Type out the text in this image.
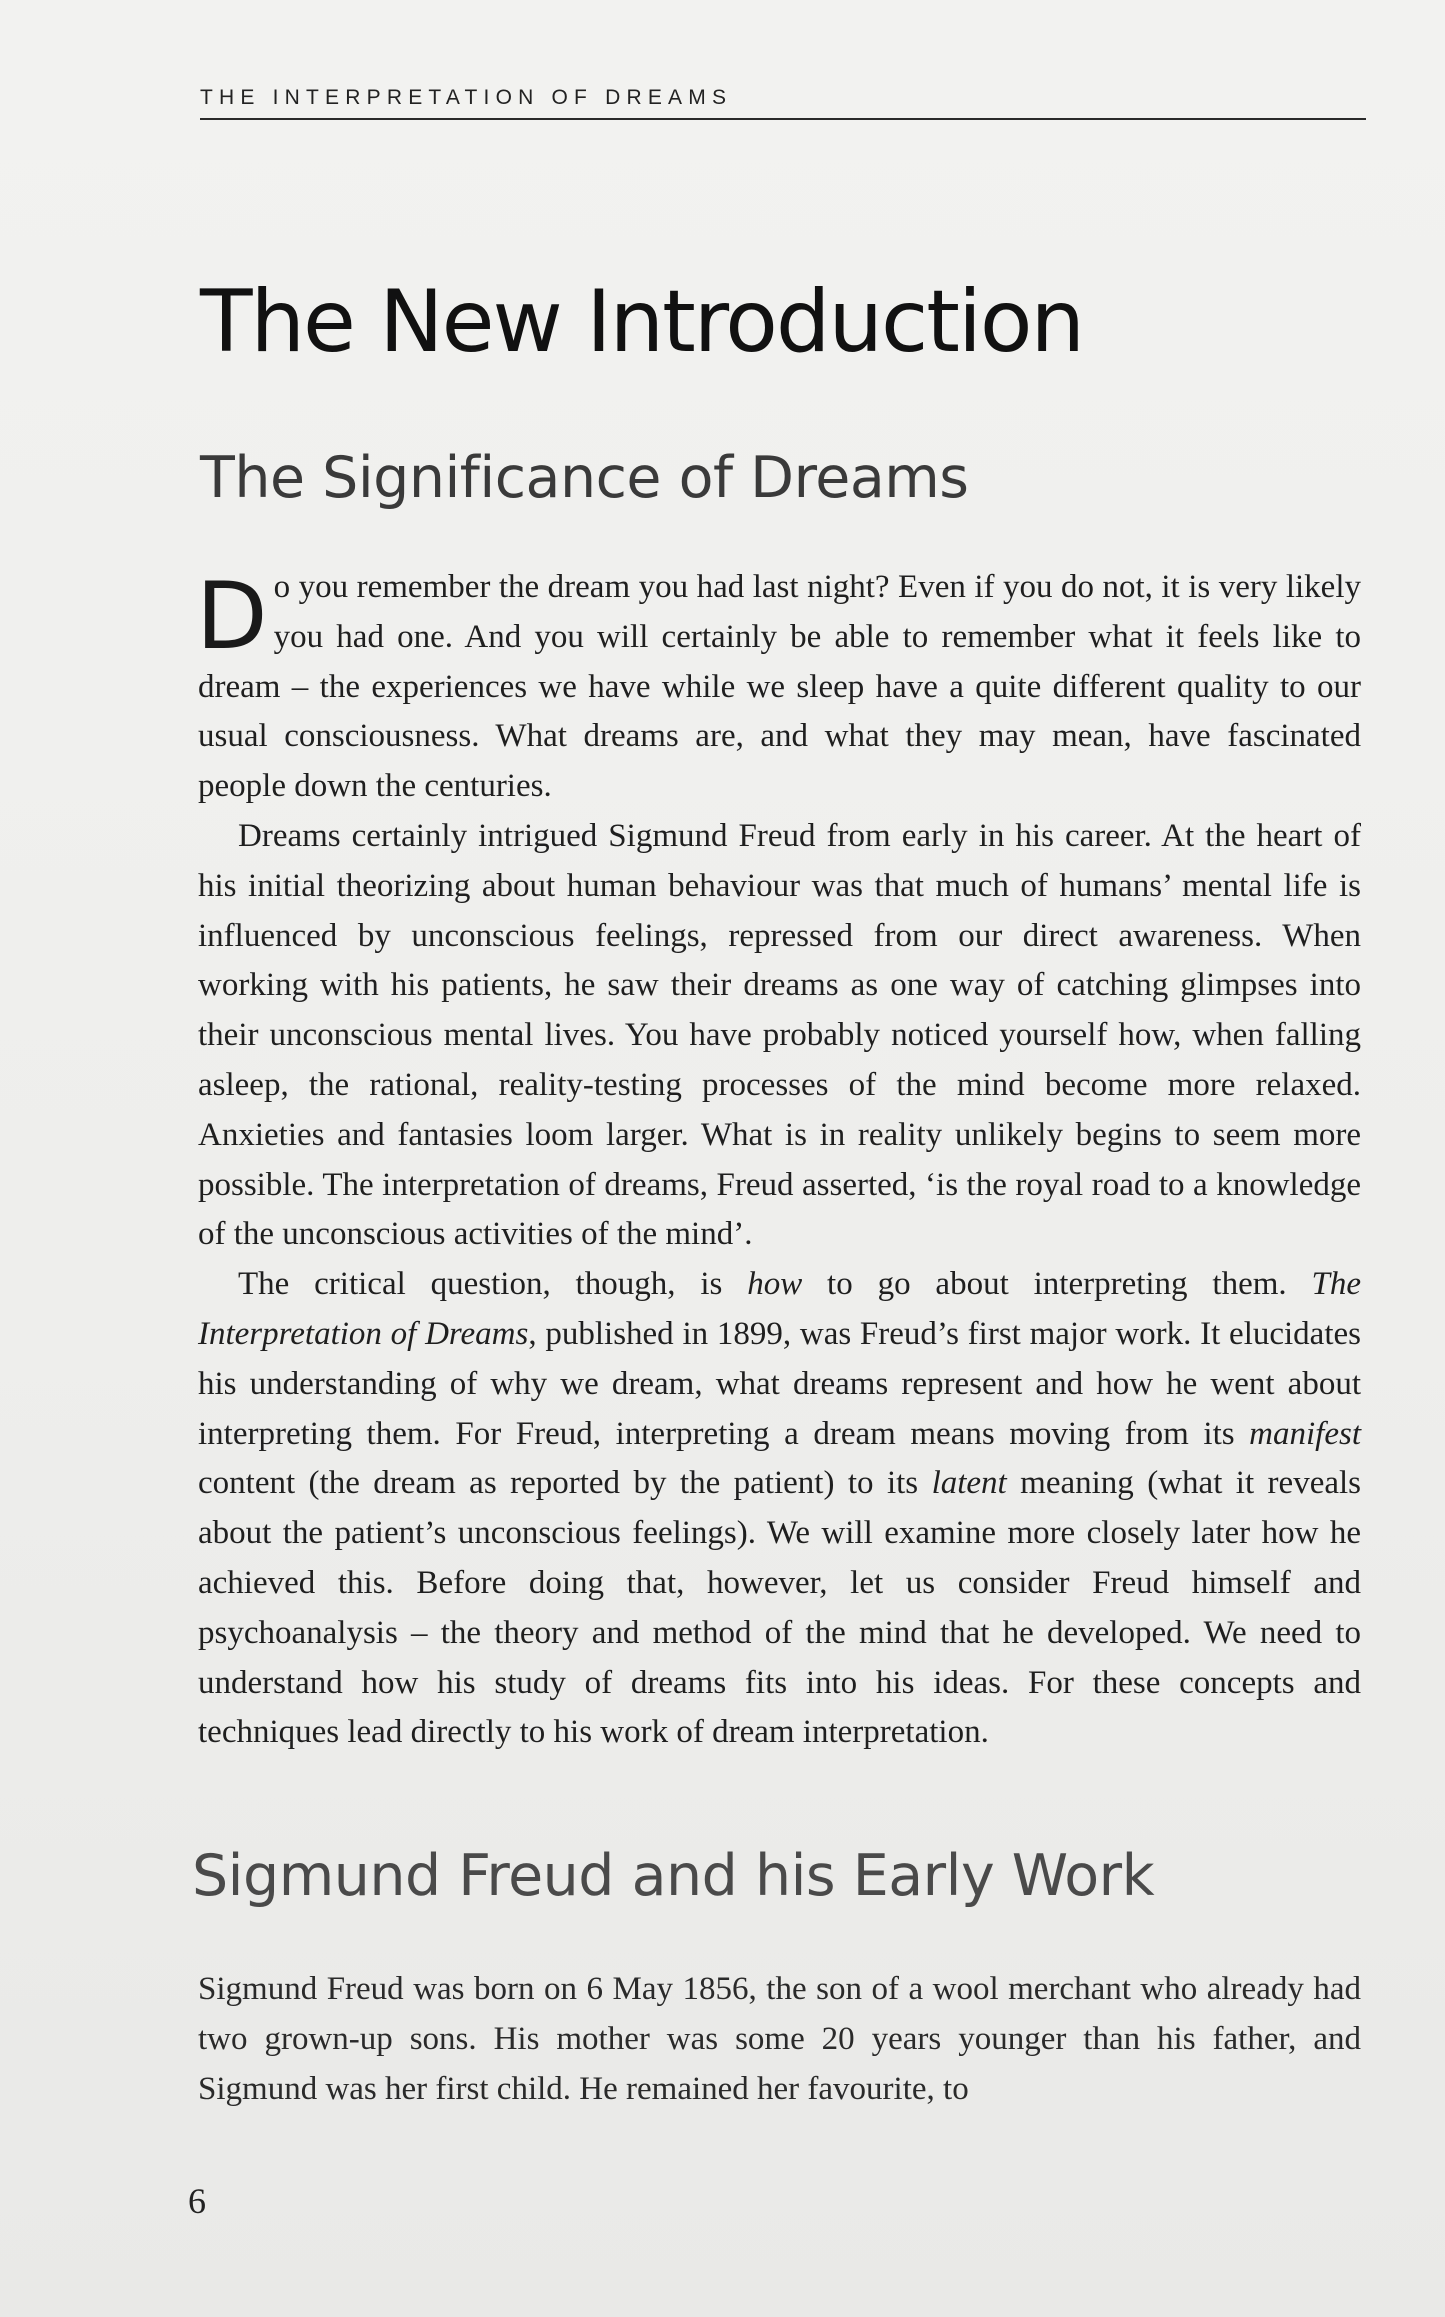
THE INTERPRETATION OF DREAMS
The New Introduction
The Significance of Dreams

Do you remember the dream you had last night? Even if you do not, it is very likely you had one. And you will certainly be able to remember what it feels like to dream – the experiences we have while we sleep have a quite different quality to our usual consciousness. What dreams are, and what they may mean, have fascinated people down the centuries.

Dreams certainly intrigued Sigmund Freud from early in his career. At the heart of his initial theorizing about human behaviour was that much of humans’ mental life is influenced by unconscious feelings, repressed from our direct awareness. When working with his patients, he saw their dreams as one way of catching glimpses into their unconscious mental lives. You have probably noticed yourself how, when falling asleep, the rational, reality-testing processes of the mind become more relaxed. Anxieties and fantasies loom larger. What is in reality unlikely begins to seem more possible. The interpretation of dreams, Freud asserted, ‘is the royal road to a knowledge of the unconscious activities of the mind’.

The critical question, though, is how to go about interpreting them. The Interpretation of Dreams, published in 1899, was Freud’s first major work. It elucidates his understanding of why we dream, what dreams represent and how he went about interpreting them. For Freud, interpreting a dream means moving from its manifest content (the dream as reported by the patient) to its latent meaning (what it reveals about the patient’s unconscious feelings). We will examine more closely later how he achieved this. Before doing that, however, let us consider Freud himself and psychoanalysis – the theory and method of the mind that he developed. We need to understand how his study of dreams fits into his ideas. For these concepts and techniques lead directly to his work of dream interpretation.

Sigmund Freud and his Early Work

Sigmund Freud was born on 6 May 1856, the son of a wool merchant who already had two grown-up sons. His mother was some 20 years younger than his father, and Sigmund was her first child. He remained her favourite, to

6
